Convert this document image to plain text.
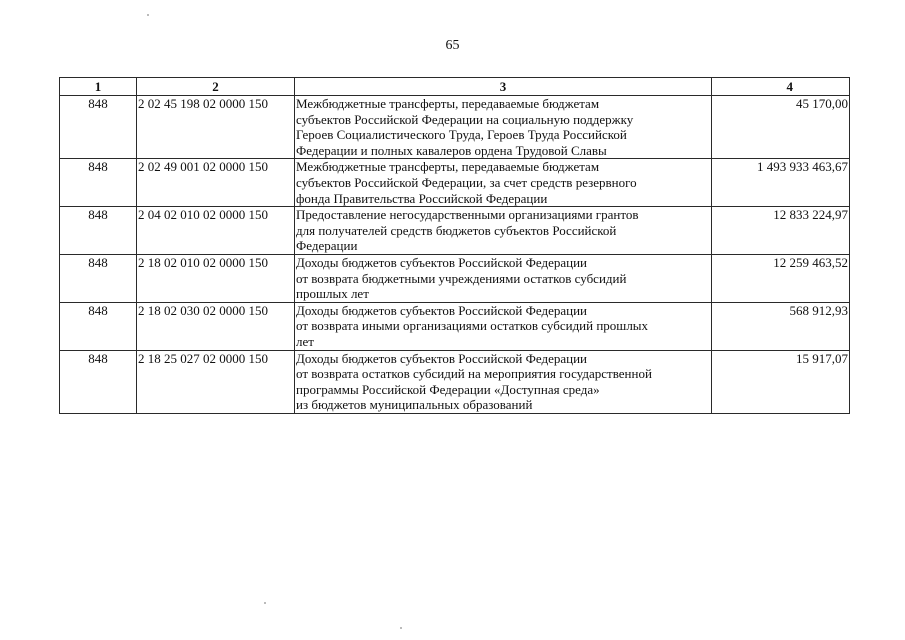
65
1	2	3	4
848	2 02 45 198 02 0000 150	Межбюджетные трансферты, передаваемые бюджетам
субъектов Российской Федерации на социальную поддержку
Героев Социалистического Труда, Героев Труда Российской
Федерации и полных кавалеров ордена Трудовой Славы	45 170,00
848	2 02 49 001 02 0000 150	Межбюджетные трансферты, передаваемые бюджетам
субъектов Российской Федерации, за счет средств резервного
фонда Правительства Российской Федерации	1 493 933 463,67
848	2 04 02 010 02 0000 150	Предоставление негосударственными организациями грантов
для получателей средств бюджетов субъектов Российской
Федерации	12 833 224,97
848	2 18 02 010 02 0000 150	Доходы бюджетов субъектов Российской Федерации
от возврата бюджетными учреждениями остатков субсидий
прошлых лет	12 259 463,52
848	2 18 02 030 02 0000 150	Доходы бюджетов субъектов Российской Федерации
от возврата иными организациями остатков субсидий прошлых
лет	568 912,93
848	2 18 25 027 02 0000 150	Доходы бюджетов субъектов Российской Федерации
от возврата остатков субсидий на мероприятия государственной
программы Российской Федерации «Доступная среда»
из бюджетов муниципальных образований	15 917,07
